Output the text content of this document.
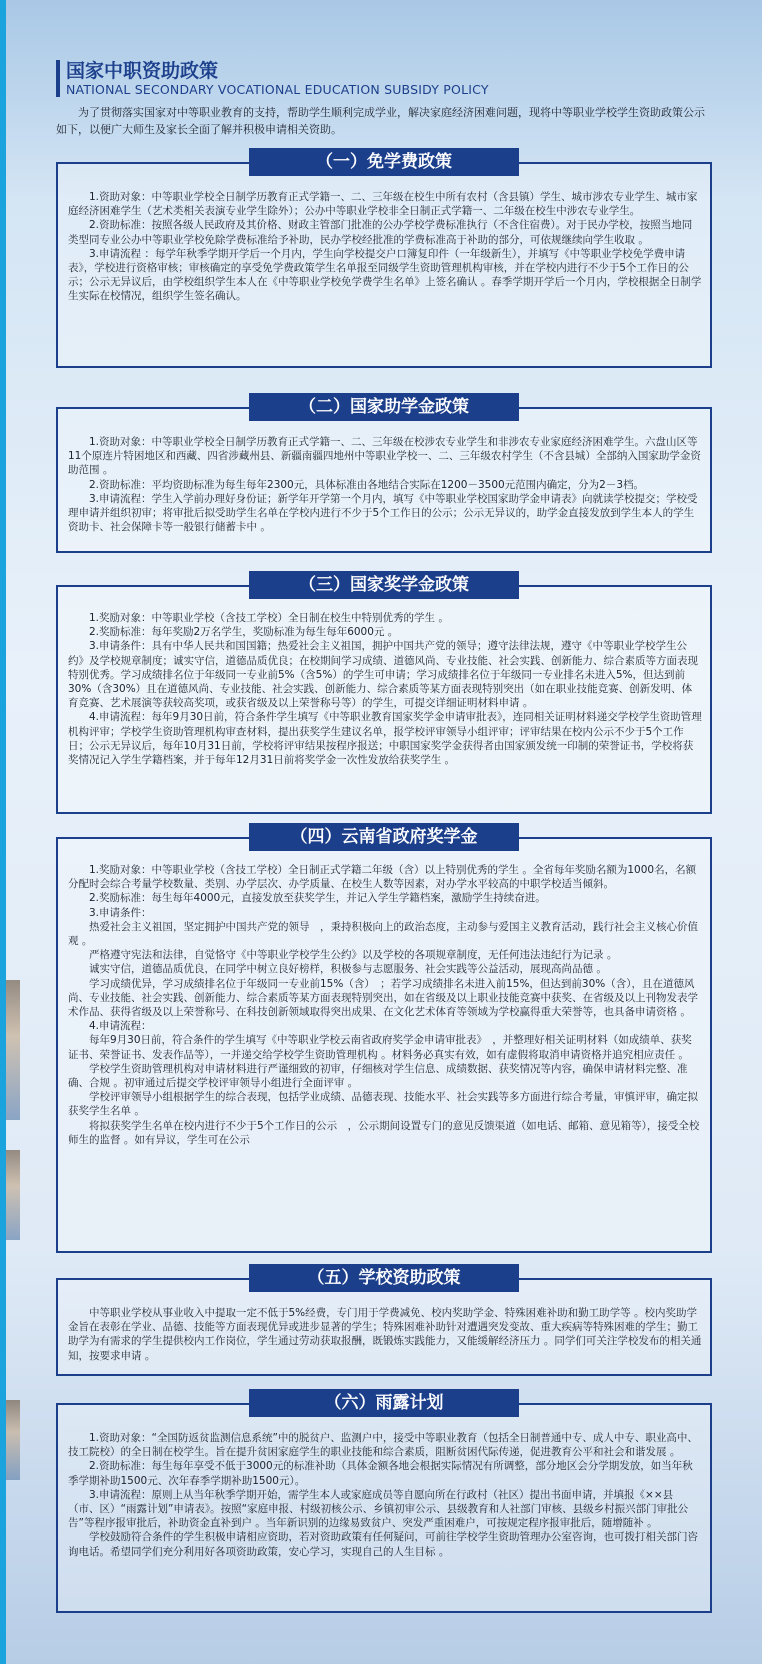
国家中职资助政策
NATIONAL SECONDARY VOCATIONAL EDUCATION SUBSIDY POLICY

为了贯彻落实国家对中等职业教育的支持，帮助学生顺利完成学业，解决家庭经济困难问题，现将中等职业学校学生资助政策公示如下，以便广大师生及家长全面了解并积极申请相关资助。

（一）免学费政策

1.资助对象：中等职业学校全日制学历教育正式学籍一、二、三年级在校生中所有农村（含县镇）学生、城市涉农专业学生、城市家庭经济困难学生（艺术类相关表演专业学生除外）；公办中等职业学校非全日制正式学籍一、二年级在校生中涉农专业学生。

2.资助标准：按照各级人民政府及其价格、财政主管部门批准的公办学校学费标准执行（不含住宿费）。对于民办学校，按照当地同类型同专业公办中等职业学校免除学费标准给予补助，民办学校经批准的学费标准高于补助的部分，可依规继续向学生收取 。

3.申请流程 ：每学年秋季学期开学后一个月内，学生向学校提交户口簿复印件（一年级新生），并填写《中等职业学校免学费申请表》，学校进行资格审核；审核确定的享受免学费政策学生名单报至同级学生资助管理机构审核，并在学校内进行不少于5个工作日的公示；公示无异议后，由学校组织学生本人在《中等职业学校免学费学生名单》上签名确认 。春季学期开学后一个月内，学校根据全日制学生实际在校情况，组织学生签名确认。

（二）国家助学金政策

1.资助对象：中等职业学校全日制学历教育正式学籍一、二、三年级在校涉农专业学生和非涉农专业家庭经济困难学生。六盘山区等11个原连片特困地区和西藏、四省涉藏州县、新疆南疆四地州中等职业学校一、二、三年级农村学生（不含县城）全部纳入国家助学金资助范围 。

2.资助标准：平均资助标准为每生每年2300元，具体标准由各地结合实际在1200－3500元范围内确定，分为2－3档。

3.申请流程：学生入学前办理好身份证；新学年开学第一个月内，填写《中等职业学校国家助学金申请表》向就读学校提交；学校受理申请并组织初审；将审批后拟受助学生名单在学校内进行不少于5个工作日的公示；公示无异议的，助学金直接发放到学生本人的学生资助卡、社会保障卡等一般银行储蓄卡中 。

（三）国家奖学金政策

1.奖励对象：中等职业学校（含技工学校）全日制在校生中特别优秀的学生 。

2.奖励标准：每年奖励2万名学生，奖励标准为每生每年6000元 。

3.申请条件：具有中华人民共和国国籍；热爱社会主义祖国，拥护中国共产党的领导；遵守法律法规，遵守《中等职业学校学生公约》及学校规章制度；诚实守信，道德品质优良；在校期间学习成绩、道德风尚、专业技能、社会实践、创新能力、综合素质等方面表现特别优秀。学习成绩排名位于年级同一专业前5%（含5%）的学生可申请；学习成绩排名位于年级同一专业排名未进入5%，但达到前30%（含30%）且在道德风尚、专业技能、社会实践、创新能力、综合素质等某方面表现特别突出（如在职业技能竞赛、创新发明、体育竞赛、艺术展演等获较高奖项，或获省级及以上荣誉称号等）的学生，可提交详细证明材料申请 。

4.申请流程：每年9月30日前，符合条件学生填写《中等职业教育国家奖学金申请审批表》，连同相关证明材料递交学校学生资助管理机构评审；学校学生资助管理机构审查材料，提出获奖学生建议名单，报学校评审领导小组评审；评审结果在校内公示不少于5个工作日；公示无异议后，每年10月31日前，学校将评审结果按程序报送；中职国家奖学金获得者由国家颁发统一印制的荣誉证书，学校将获奖情况记入学生学籍档案，并于每年12月31日前将奖学金一次性发放给获奖学生 。

（四）云南省政府奖学金

1.奖励对象：中等职业学校（含技工学校）全日制正式学籍二年级（含）以上特别优秀的学生 。全省每年奖励名额为1000名，名额分配时会综合考量学校数量、类别、办学层次、办学质量、在校生人数等因素，对办学水平较高的中职学校适当倾斜。

2.奖励标准：每生每年4000元，直接发放至获奖学生，并记入学生学籍档案，激励学生持续奋进。

3.申请条件：

热爱社会主义祖国，坚定拥护中国共产党的领导　，秉持积极向上的政治态度，主动参与爱国主义教育活动，践行社会主义核心价值观 。

严格遵守宪法和法律，自觉恪守《中等职业学校学生公约》以及学校的各项规章制度，无任何违法违纪行为记录 。

诚实守信，道德品质优良，在同学中树立良好榜样，积极参与志愿服务、社会实践等公益活动，展现高尚品德 。

学习成绩优异，学习成绩排名位于年级同一专业前15%（含）　；若学习成绩排名未进入前15%，但达到前30%（含），且在道德风尚、专业技能、社会实践、创新能力、综合素质等某方面表现特别突出，如在省级及以上职业技能竞赛中获奖、在省级及以上刊物发表学术作品、获得省级及以上荣誉称号、在科技创新领域取得突出成果、在文化艺术体育等领域为学校赢得重大荣誉等，也具备申请资格 。

4.申请流程：

每年9月30日前，符合条件的学生填写《中等职业学校云南省政府奖学金申请审批表》　，并整理好相关证明材料（如成绩单、获奖证书、荣誉证书、发表作品等），一并递交给学校学生资助管理机构 。材料务必真实有效，如有虚假将取消申请资格并追究相应责任 。

学校学生资助管理机构对申请材料进行严谨细致的初审，仔细核对学生信息、成绩数据、获奖情况等内容，确保申请材料完整、准确、合规 。初审通过后提交学校评审领导小组进行全面评审 。

学校评审领导小组根据学生的综合表现，包括学业成绩、品德表现、技能水平、社会实践等多方面进行综合考量，审慎评审，确定拟获奖学生名单 。

将拟获奖学生名单在校内进行不少于5个工作日的公示　，公示期间设置专门的意见反馈渠道（如电话、邮箱、意见箱等），接受全校师生的监督 。如有异议，学生可在公示

（五）学校资助政策

中等职业学校从事业收入中提取一定不低于5%经费，专门用于学费减免、校内奖助学金、特殊困难补助和勤工助学等 。校内奖助学金旨在表彰在学业、品德、技能等方面表现优异或进步显著的学生；特殊困难补助针对遭遇突发变故、重大疾病等特殊困难的学生；勤工助学为有需求的学生提供校内工作岗位，学生通过劳动获取报酬，既锻炼实践能力，又能缓解经济压力 。同学们可关注学校发布的相关通知，按要求申请 。

（六）雨露计划

1.资助对象：“全国防返贫监测信息系统”中的脱贫户、监测户中，接受中等职业教育（包括全日制普通中专、成人中专、职业高中、技工院校）的全日制在校学生。旨在提升贫困家庭学生的职业技能和综合素质，阻断贫困代际传递，促进教育公平和社会和谐发展 。

2.资助标准：每生每年享受不低于3000元的标准补助（具体金额各地会根据实际情况有所调整，部分地区会分学期发放，如当年秋季学期补助1500元、次年春季学期补助1500元）。

3.申请流程：原则上从当年秋季学期开始，需学生本人或家庭成员等自愿向所在行政村（社区）提出书面申请，并填报《××县（市、区）“雨露计划”申请表》。按照“家庭申报、村级初核公示、乡镇初审公示、县级教育和人社部门审核、县级乡村振兴部门审批公告”等程序报审批后，补助资金直补到户 。当年新识别的边缘易致贫户、突发严重困难户，可按规定程序报审批后，随增随补 。

学校鼓励符合条件的学生积极申请相应资助，若对资助政策有任何疑问，可前往学校学生资助管理办公室咨询，也可拨打相关部门咨询电话。希望同学们充分利用好各项资助政策，安心学习，实现自己的人生目标 。
